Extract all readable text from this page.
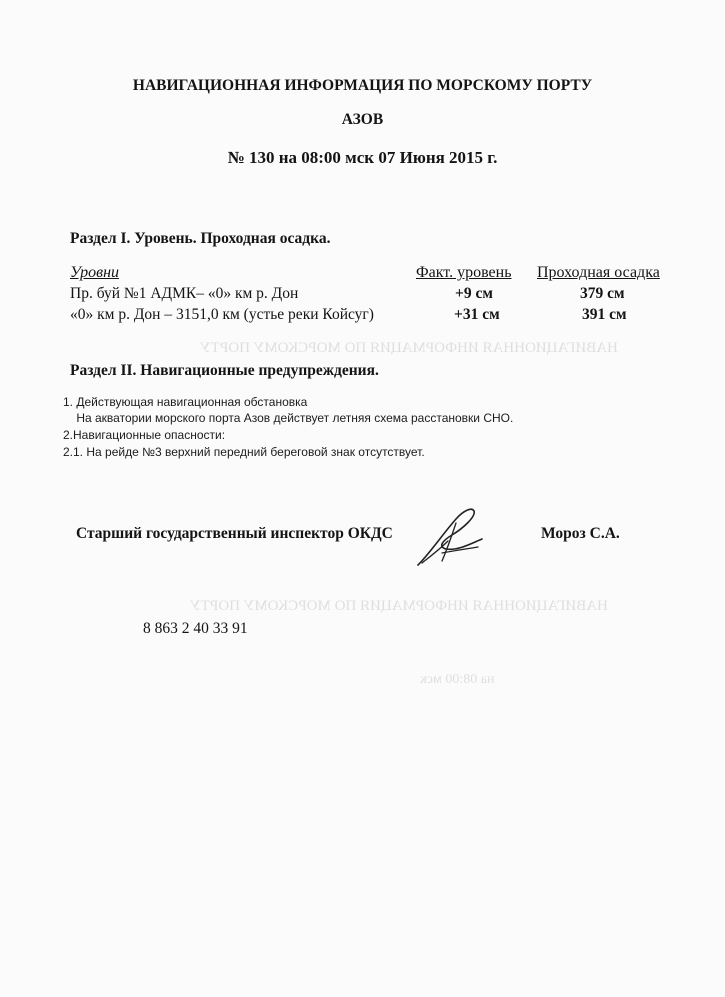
НАВИГАЦИОННАЯ ИНФОРМАЦИЯ ПО МОРСКОМУ ПОРТУ
НАВИГАЦИОННАЯ ИНФОРМАЦИЯ ПО МОРСКОМУ ПОРТУ
на 08:00 мск
НАВИГАЦИОННАЯ ИНФОРМАЦИЯ ПО МОРСКОМУ ПОРТУ
АЗОВ
№ 130 на 08:00 мск 07 Июня 2015 г.
Раздел I. Уровень. Проходная осадка.
Уровни	Факт. уровень Проходная осадка
Пр. буй №1 АДМК– «0» км р. Дон	+9 см	379 см
«0» км р. Дон – 3151,0 км (устье реки Койсуг)	+31 см	391 см
Раздел II. Навигационные предупреждения.
1. Действующая навигационная обстановка
На акватории морского порта Азов действует летняя схема расстановки СНО.
2.Навигационные опасности:
2.1. На рейде №3 верхний передний береговой знак отсутствует.
Старший государственный инспектор ОКДС	Мороз С.А.
8 863 2 40 33 91
